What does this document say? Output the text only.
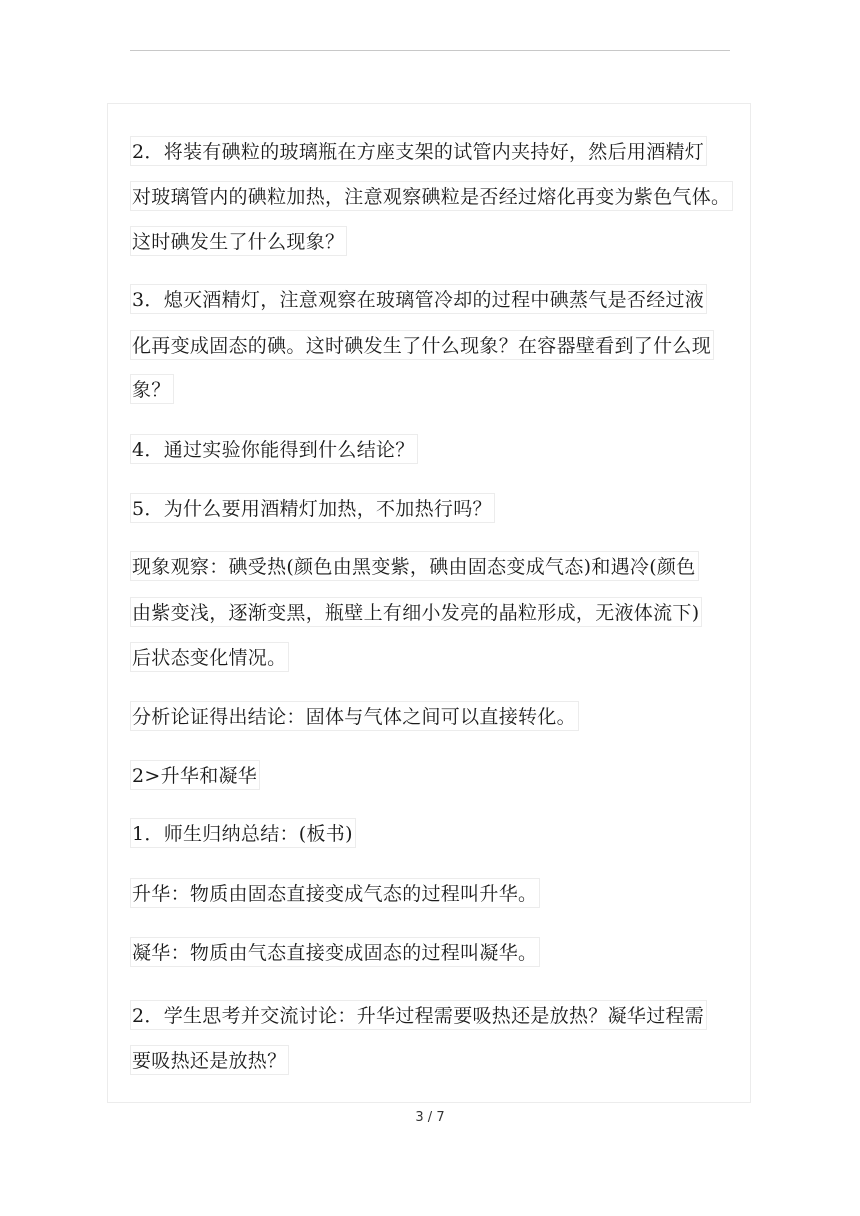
2．将装有碘粒的玻璃瓶在方座支架的试管内夹持好，然后用酒精灯
对玻璃管内的碘粒加热，注意观察碘粒是否经过熔化再变为紫色气体。
这时碘发生了什么现象？
3．熄灭酒精灯，注意观察在玻璃管冷却的过程中碘蒸气是否经过液
化再变成固态的碘。这时碘发生了什么现象？在容器壁看到了什么现
象？
4．通过实验你能得到什么结论？
5．为什么要用酒精灯加热，不加热行吗？
现象观察：碘受热(颜色由黑变紫，碘由固态变成气态)和遇冷(颜色
由紫变浅，逐渐变黑，瓶壁上有细小发亮的晶粒形成，无液体流下)
后状态变化情况。
分析论证得出结论：固体与气体之间可以直接转化。
2>升华和凝华
1．师生归纳总结：(板书)
升华：物质由固态直接变成气态的过程叫升华。
凝华：物质由气态直接变成固态的过程叫凝华。
2．学生思考并交流讨论：升华过程需要吸热还是放热？凝华过程需
要吸热还是放热？
3 / 7
